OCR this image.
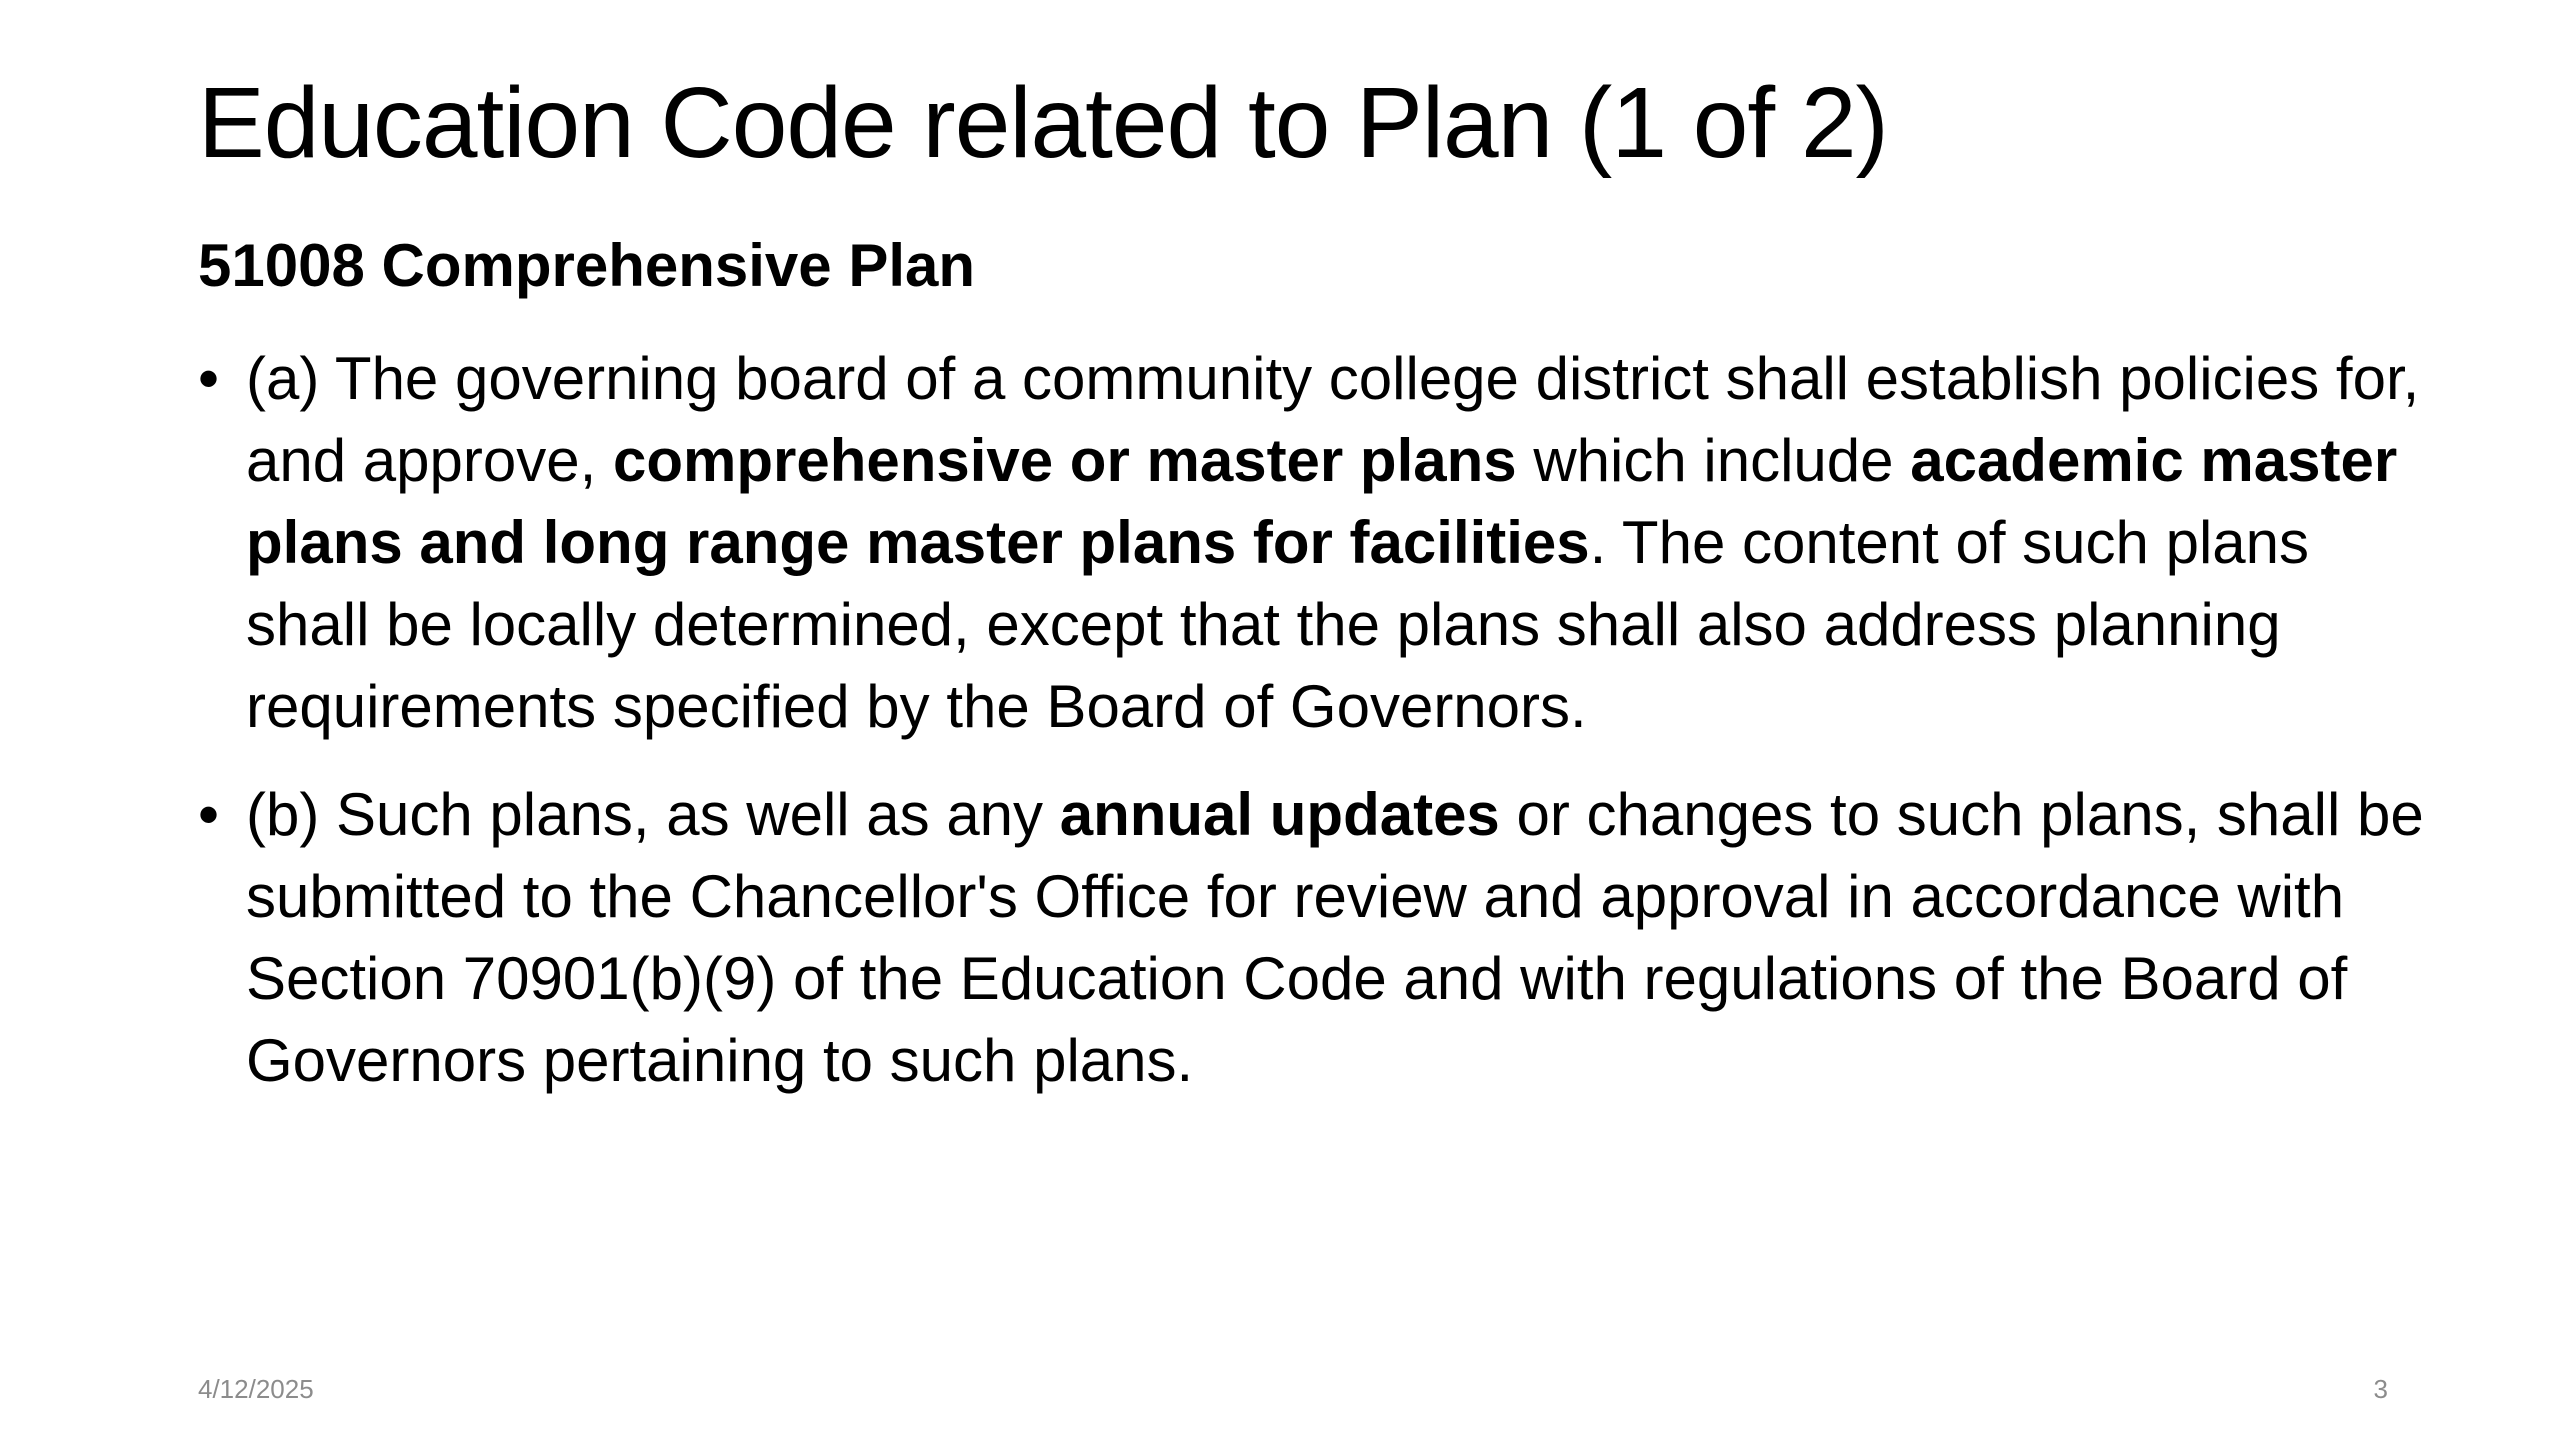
Education Code related to Plan (1 of 2)
51008 Comprehensive Plan
• (a) The governing board of a community college district shall establish policies for, and approve, comprehensive or master plans which include academic master plans and long range master plans for facilities. The content of such plans shall be locally determined, except that the plans shall also address planning requirements specified by the Board of Governors.
• (b) Such plans, as well as any annual updates or changes to such plans, shall be submitted to the Chancellor's Office for review and approval in accordance with Section 70901(b)(9) of the Education Code and with regulations of the Board of Governors pertaining to such plans.
4/12/2025	3
